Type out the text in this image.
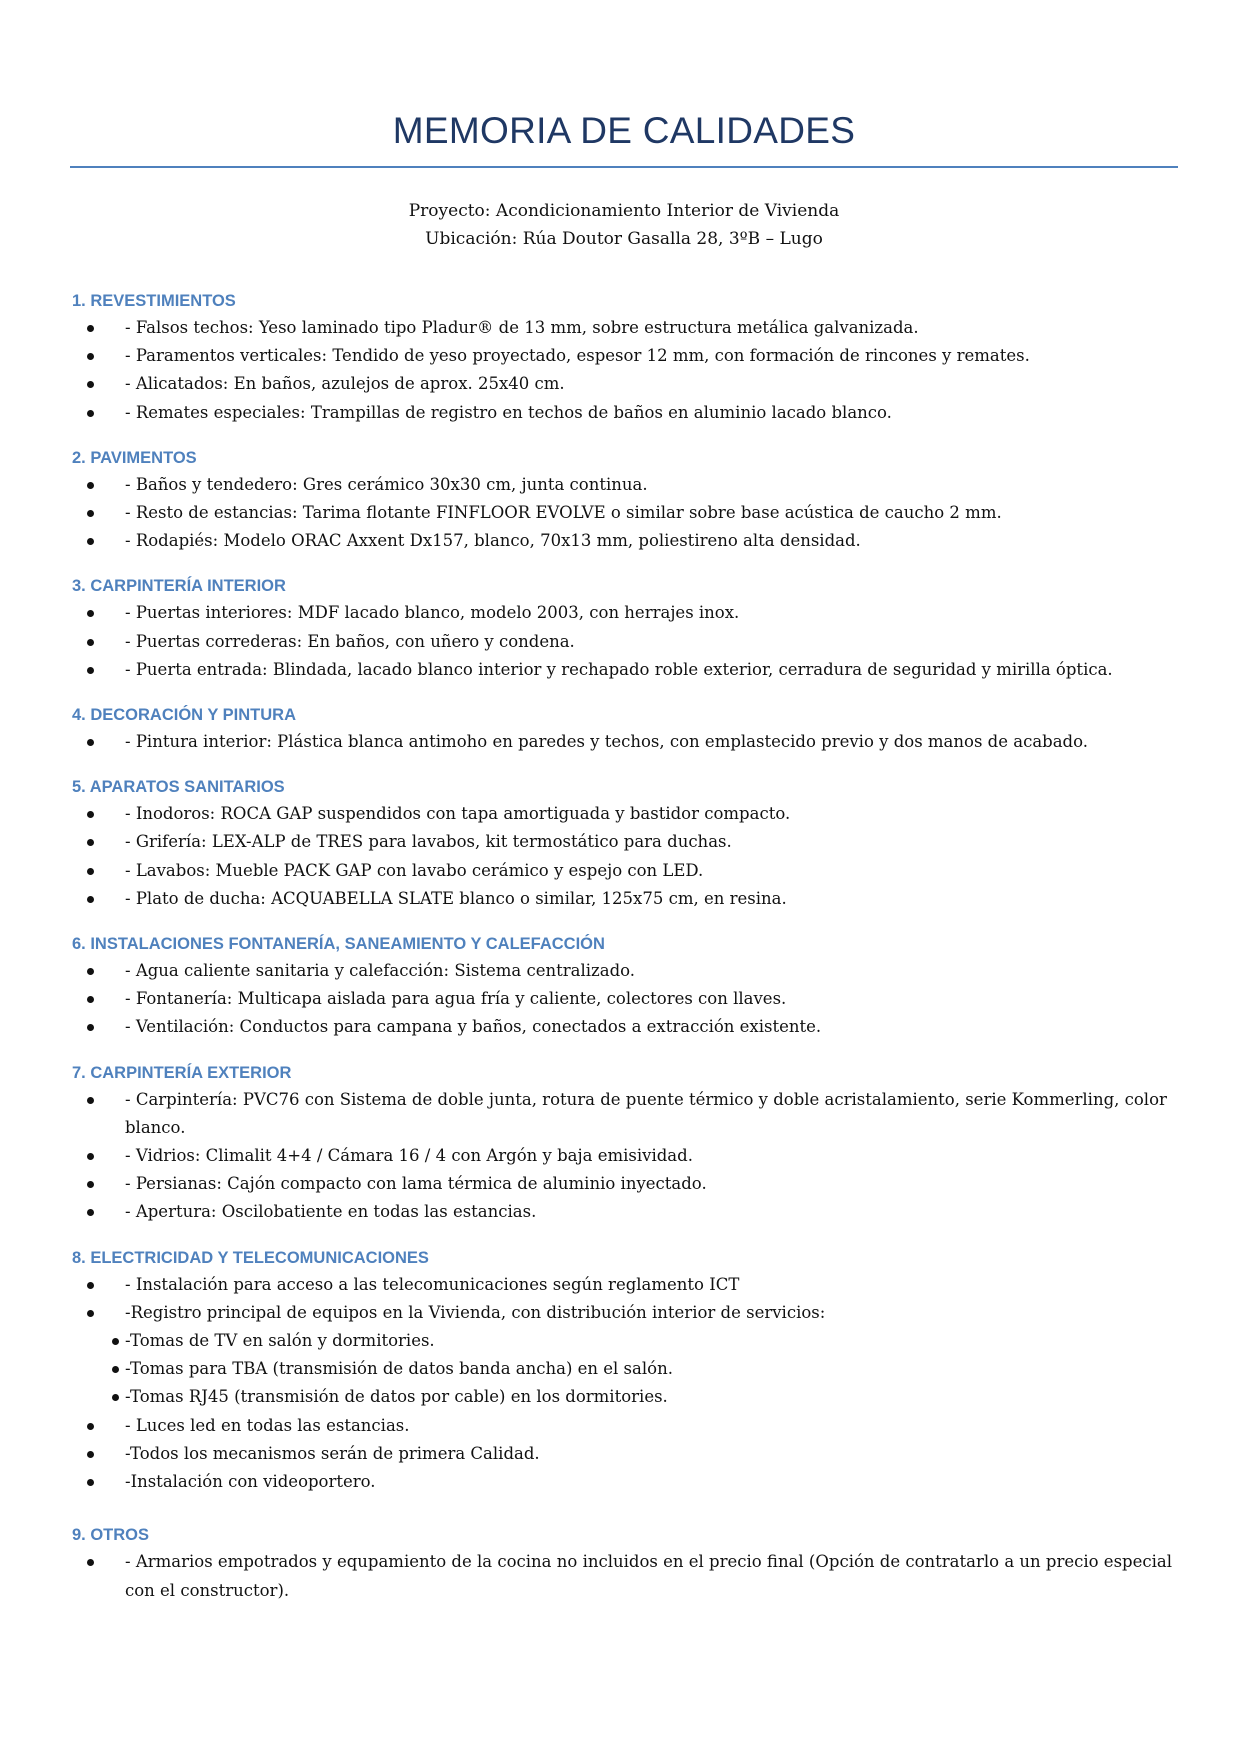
MEMORIA DE CALIDADES
Proyecto: Acondicionamiento Interior de Vivienda
Ubicación: Rúa Doutor Gasalla 28, 3ºB – Lugo
1. REVESTIMIENTOS
- Falsos techos: Yeso laminado tipo Pladur® de 13 mm, sobre estructura metálica galvanizada.
- Paramentos verticales: Tendido de yeso proyectado, espesor 12 mm, con formación de rincones y remates.
- Alicatados: En baños, azulejos de aprox. 25x40 cm.
- Remates especiales: Trampillas de registro en techos de baños en aluminio lacado blanco.
2. PAVIMENTOS
- Baños y tendedero: Gres cerámico 30x30 cm, junta continua.
- Resto de estancias: Tarima flotante FINFLOOR EVOLVE o similar sobre base acústica de caucho 2 mm.
- Rodapiés: Modelo ORAC Axxent Dx157, blanco, 70x13 mm, poliestireno alta densidad.
3. CARPINTERÍA INTERIOR
- Puertas interiores: MDF lacado blanco, modelo 2003, con herrajes inox.
- Puertas correderas: En baños, con uñero y condena.
- Puerta entrada: Blindada, lacado blanco interior y rechapado roble exterior, cerradura de seguridad y mirilla óptica.
4. DECORACIÓN Y PINTURA
- Pintura interior: Plástica blanca antimoho en paredes y techos, con emplastecido previo y dos manos de acabado.
5. APARATOS SANITARIOS
- Inodoros: ROCA GAP suspendidos con tapa amortiguada y bastidor compacto.
- Grifería: LEX-ALP de TRES para lavabos, kit termostático para duchas.
- Lavabos: Mueble PACK GAP con lavabo cerámico y espejo con LED.
- Plato de ducha: ACQUABELLA SLATE blanco o similar, 125x75 cm, en resina.
6. INSTALACIONES FONTANERÍA, SANEAMIENTO Y CALEFACCIÓN
- Agua caliente sanitaria y calefacción: Sistema centralizado.
- Fontanería: Multicapa aislada para agua fría y caliente, colectores con llaves.
- Ventilación: Conductos para campana y baños, conectados a extracción existente.
7. CARPINTERÍA EXTERIOR
- Carpintería: PVC76 con Sistema de doble junta, rotura de puente térmico y doble acristalamiento, serie Kommerling, color blanco.
- Vidrios: Climalit 4+4 / Cámara 16 / 4 con Argón y baja emisividad.
- Persianas: Cajón compacto con lama térmica de aluminio inyectado.
- Apertura: Oscilobatiente en todas las estancias.
8. ELECTRICIDAD Y TELECOMUNICACIONES
- Instalación para acceso a las telecomunicaciones según reglamento ICT
-Registro principal de equipos en la Vivienda, con distribución interior de servicios:
-Tomas de TV en salón y dormitories.
-Tomas para TBA (transmisión de datos banda ancha) en el salón.
-Tomas RJ45 (transmisión de datos por cable) en los dormitories.
- Luces led en todas las estancias.
-Todos los mecanismos serán de primera Calidad.
-Instalación con videoportero.
9. OTROS
- Armarios empotrados y equpamiento de la cocina no incluidos en el precio final (Opción de contratarlo a un precio especial con el constructor).
